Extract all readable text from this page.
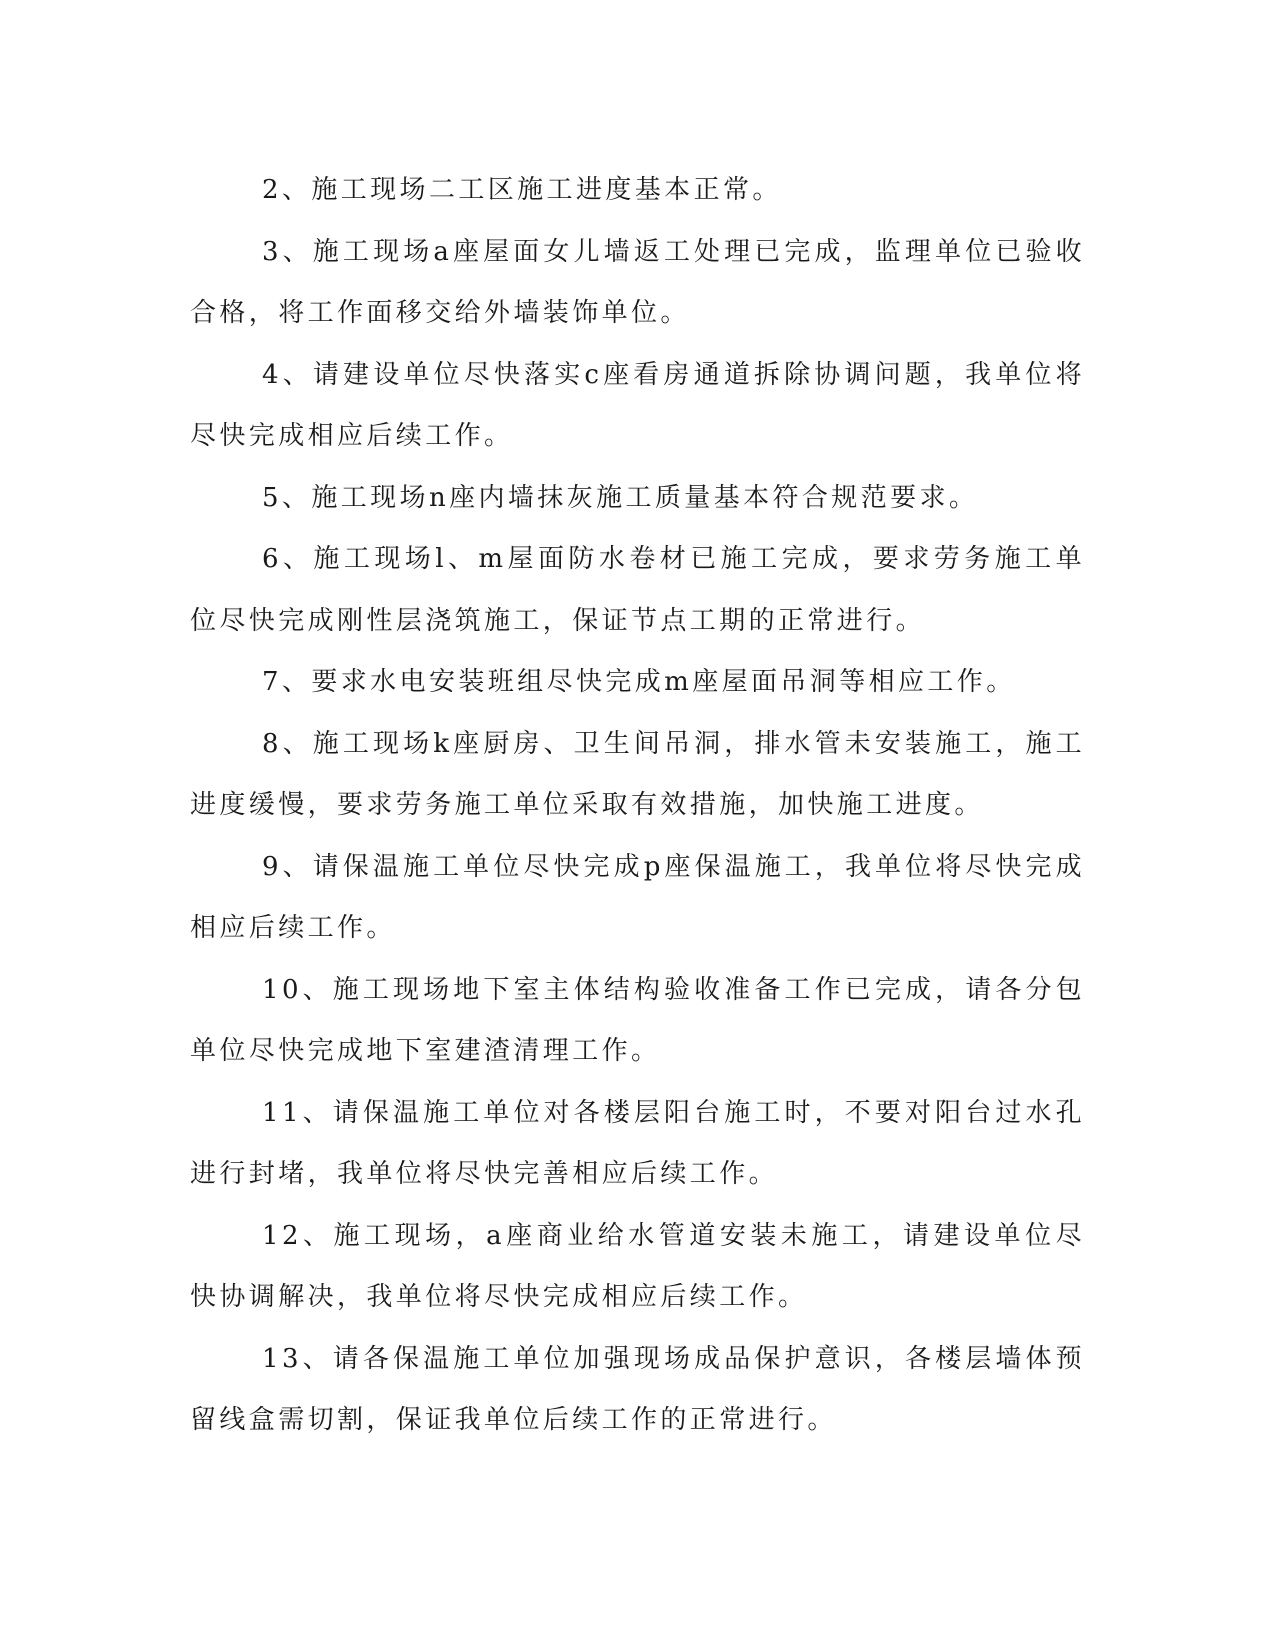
2、施工现场二工区施工进度基本正常。

3、施工现场a座屋面女儿墙返工处理已完成，监理单位已验收合格，将工作面移交给外墙装饰单位。

4、请建设单位尽快落实c座看房通道拆除协调问题，我单位将尽快完成相应后续工作。

5、施工现场n座内墙抹灰施工质量基本符合规范要求。

6、施工现场l、m屋面防水卷材已施工完成，要求劳务施工单位尽快完成刚性层浇筑施工，保证节点工期的正常进行。

7、要求水电安装班组尽快完成m座屋面吊洞等相应工作。

8、施工现场k座厨房、卫生间吊洞，排水管未安装施工，施工进度缓慢，要求劳务施工单位采取有效措施，加快施工进度。

9、请保温施工单位尽快完成p座保温施工，我单位将尽快完成相应后续工作。

10、施工现场地下室主体结构验收准备工作已完成，请各分包单位尽快完成地下室建渣清理工作。

11、请保温施工单位对各楼层阳台施工时，不要对阳台过水孔进行封堵，我单位将尽快完善相应后续工作。

12、施工现场，a座商业给水管道安装未施工，请建设单位尽快协调解决，我单位将尽快完成相应后续工作。

13、请各保温施工单位加强现场成品保护意识，各楼层墙体预留线盒需切割，保证我单位后续工作的正常进行。
